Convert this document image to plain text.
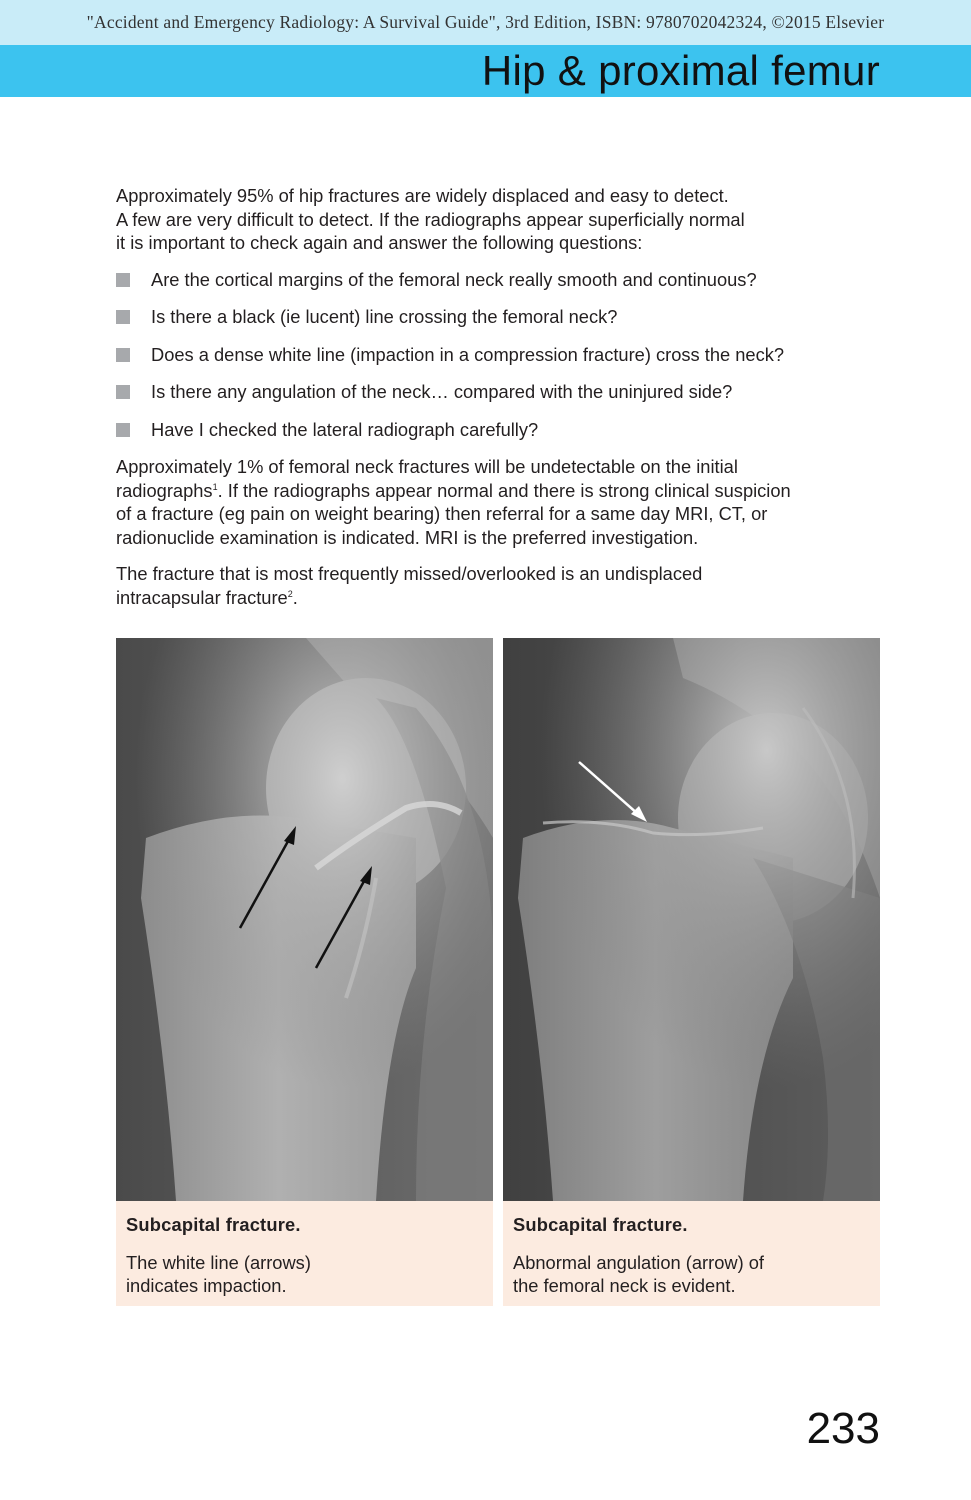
"Accident and Emergency Radiology: A Survival Guide", 3rd Edition, ISBN: 9780702042324, ©2015 Elsevier
Hip & proximal femur

Approximately 95% of hip fractures are widely displaced and easy to detect.
A few are very difficult to detect. If the radiographs appear superficially normal
it is important to check again and answer the following questions:

Are the cortical margins of the femoral neck really smooth and continuous?
Is there a black (ie lucent) line crossing the femoral neck?
Does a dense white line (impaction in a compression fracture) cross the neck?
Is there any angulation of the neck… compared with the uninjured side?
Have I checked the lateral radiograph carefully?

Approximately 1% of femoral neck fractures will be undetectable on the initial
radiographs$^1$. If the radiographs appear normal and there is strong clinical suspicion
of a fracture (eg pain on weight bearing) then referral for a same day MRI, CT, or
radionuclide examination is indicated. MRI is the preferred investigation.

The fracture that is most frequently missed/overlooked is an undisplaced
intracapsular fracture$^2$.

Subcapital fracture.
The white line (arrows)
indicates impaction.
Subcapital fracture.
Abnormal angulation (arrow) of
the femoral neck is evident.
233
